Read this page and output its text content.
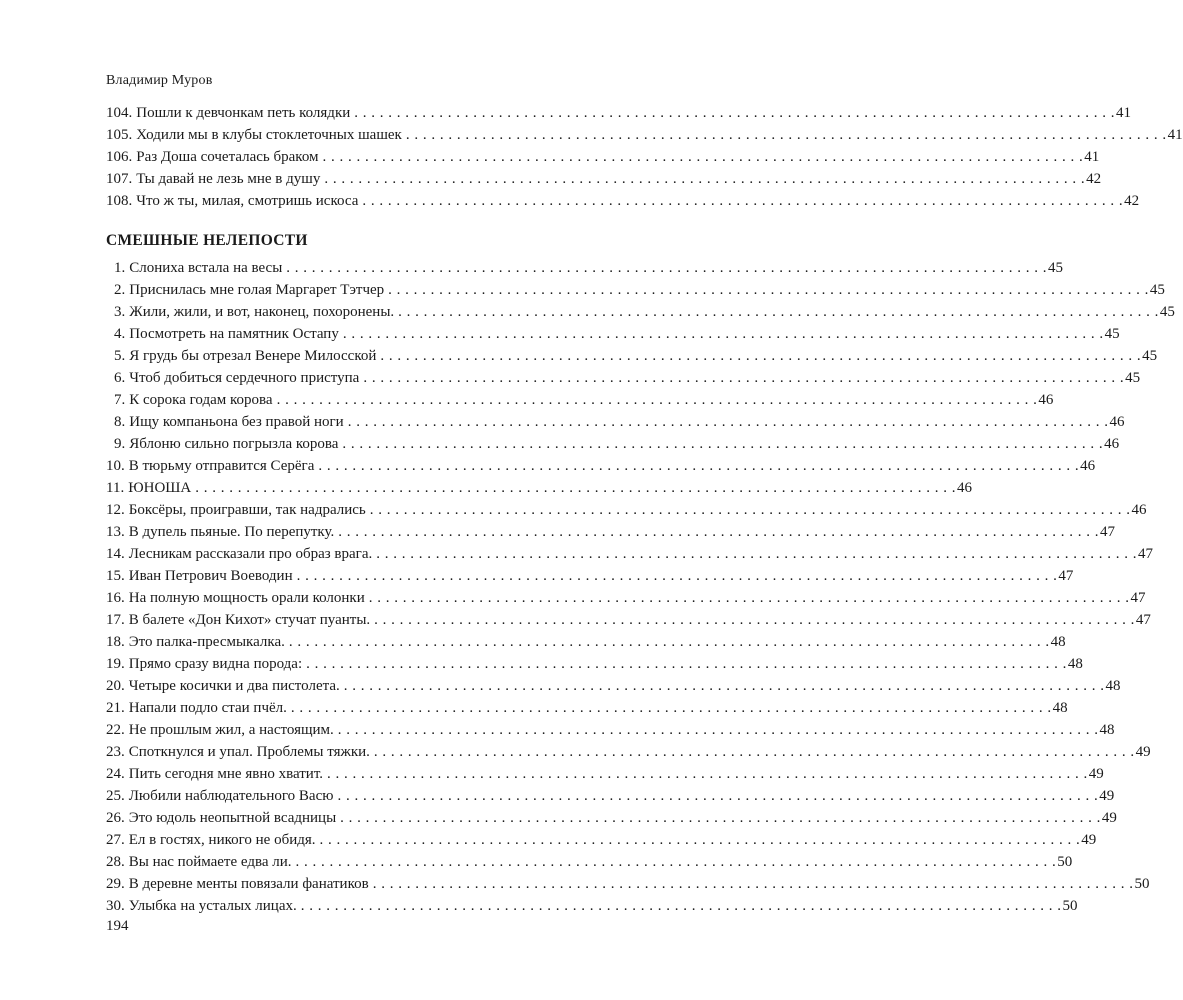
Владимир Муров
104. Пошли к девчонкам петь колядки . . .	41
105. Ходили мы в клубы стоклеточных шашек . . .	41
106. Раз Доша сочеталась браком . . .	41
107. Ты давай не лезь мне в душу . . .	42
108. Что ж ты, милая, смотришь искоса . . .	42
СМЕШНЫЕ НЕЛЕПОСТИ
1. Слониха встала на весы . . .	45
2. Приснилась мне голая Маргарет Тэтчер . . .	45
3. Жили, жили, и вот, наконец, похоронены. . . .	45
4. Посмотреть на памятник Остапу . . .	45
5. Я грудь бы отрезал Венере Милосской . . .	45
6. Чтоб добиться сердечного приступа . . .	45
7. К сорока годам корова . . .	46
8. Ищу компаньона без правой ноги . . .	46
9. Яблоню сильно погрызла корова . . .	46
10. В тюрьму отправится Серёга . . .	46
11. ЮНОША . . .	46
12. Боксёры, проигравши, так надрались . . .	46
13. В дупель пьяные. По перепутку. . . .	47
14. Лесникам рассказали про образ врага. . . .	47
15. Иван Петрович Воеводин . . .	47
16. На полную мощность орали колонки . . .	47
17. В балете «Дон Кихот» стучат пуанты. . . .	47
18. Это палка-пресмыкалка. . . .	48
19. Прямо сразу видна порода: . . .	48
20. Четыре косички и два пистолета. . . .	48
21. Напали подло стаи пчёл. . . .	48
22. Не прошлым жил, а настоящим. . . .	48
23. Споткнулся и упал. Проблемы тяжки. . . .	49
24. Пить сегодня мне явно хватит. . . .	49
25. Любили наблюдательного Васю . . .	49
26. Это юдоль неопытной всадницы . . .	49
27. Ел в гостях, никого не обидя. . . .	49
28. Вы нас поймаете едва ли. . . .	50
29. В деревне менты повязали фанатиков . . .	50
30. Улыбка на усталых лицах. . . .	50
194
